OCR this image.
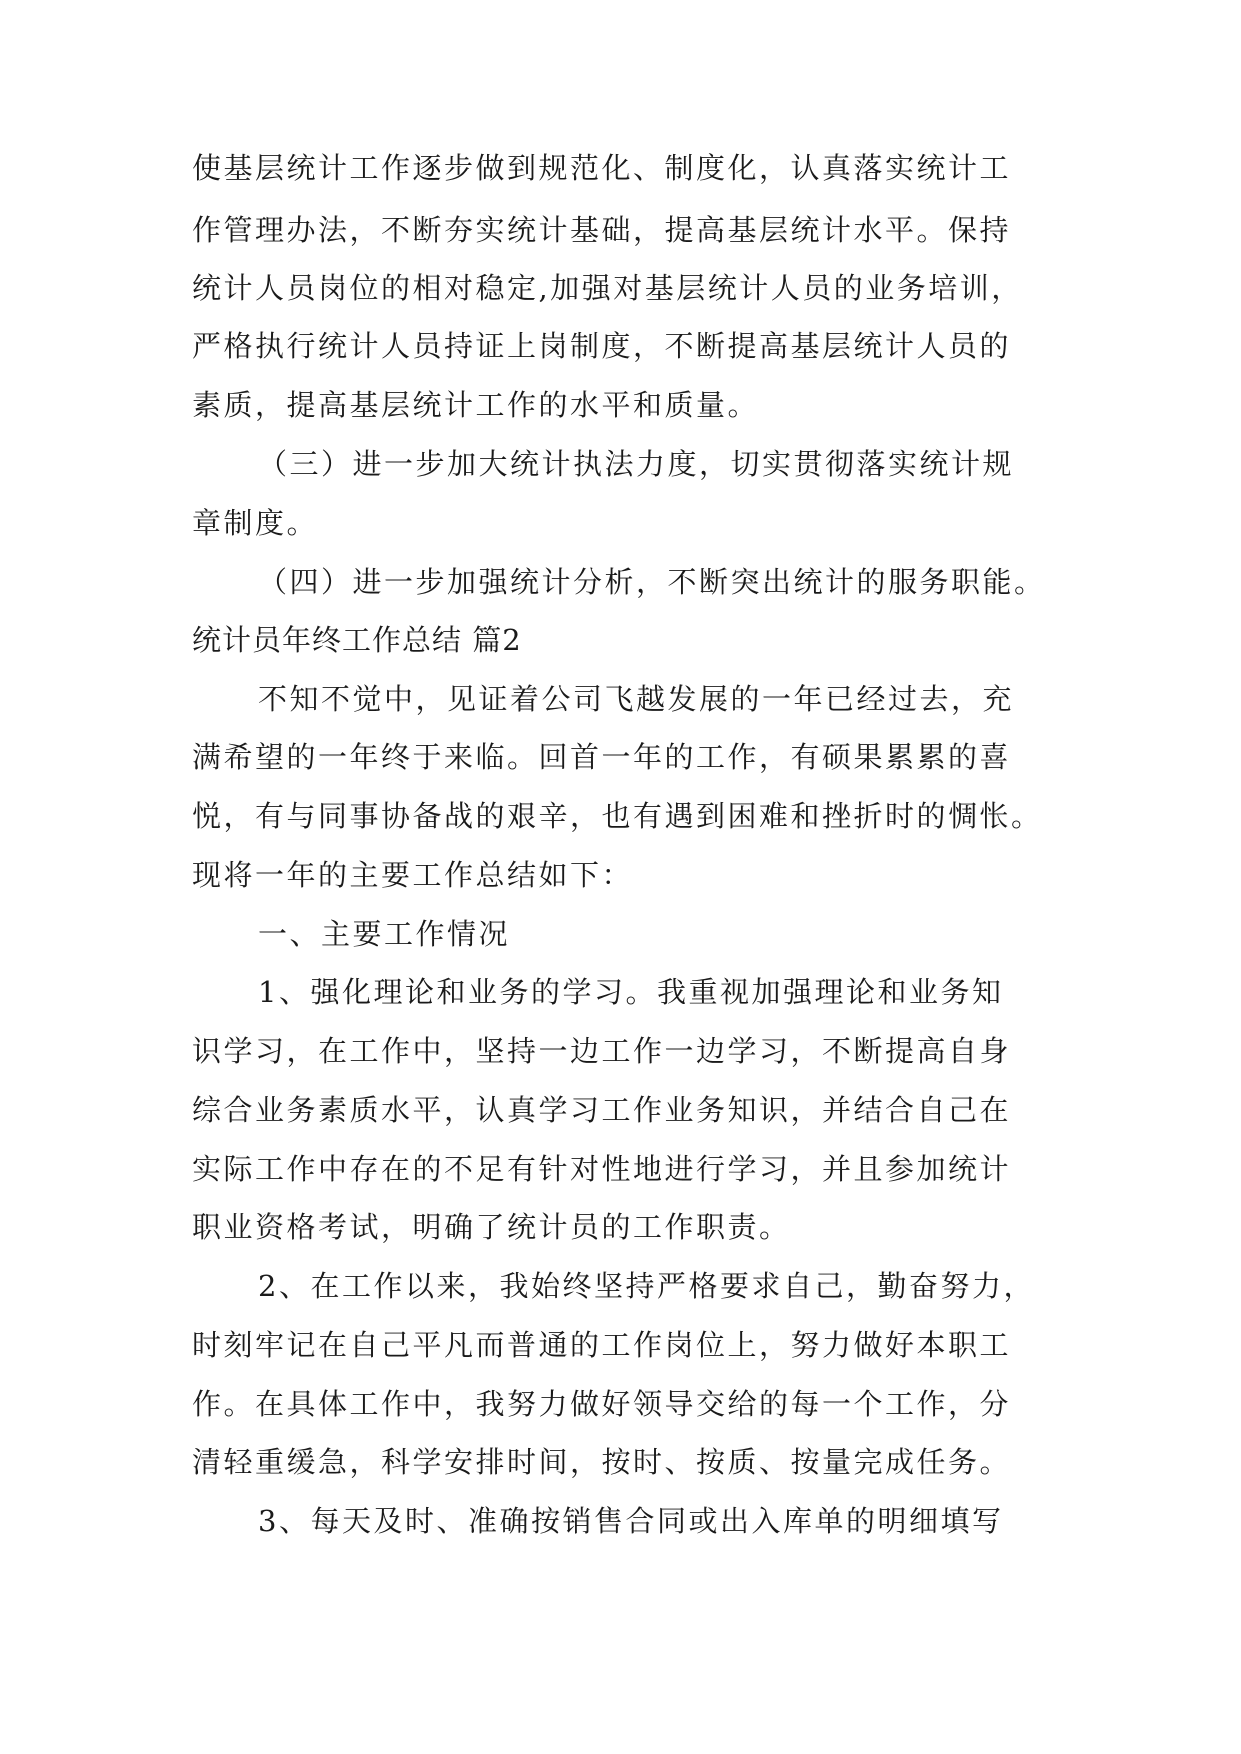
使基层统计工作逐步做到规范化、制度化，认真落实统计工
作管理办法，不断夯实统计基础，提高基层统计水平。保持
统计人员岗位的相对稳定,加强对基层统计人员的业务培训，
严格执行统计人员持证上岗制度，不断提高基层统计人员的
素质，提高基层统计工作的水平和质量。
（三）进一步加大统计执法力度，切实贯彻落实统计规
章制度。
（四）进一步加强统计分析，不断突出统计的服务职能。
统计员年终工作总结 篇2
不知不觉中，见证着公司飞越发展的一年已经过去，充
满希望的一年终于来临。回首一年的工作，有硕果累累的喜
悦，有与同事协备战的艰辛，也有遇到困难和挫折时的惆怅。
现将一年的主要工作总结如下：
一、主要工作情况
1、强化理论和业务的学习。我重视加强理论和业务知
识学习，在工作中，坚持一边工作一边学习，不断提高自身
综合业务素质水平，认真学习工作业务知识，并结合自己在
实际工作中存在的不足有针对性地进行学习，并且参加统计
职业资格考试，明确了统计员的工作职责。
2、在工作以来，我始终坚持严格要求自己，勤奋努力，
时刻牢记在自己平凡而普通的工作岗位上，努力做好本职工
作。在具体工作中，我努力做好领导交给的每一个工作，分
清轻重缓急，科学安排时间，按时、按质、按量完成任务。
3、每天及时、准确按销售合同或出入库单的明细填写
